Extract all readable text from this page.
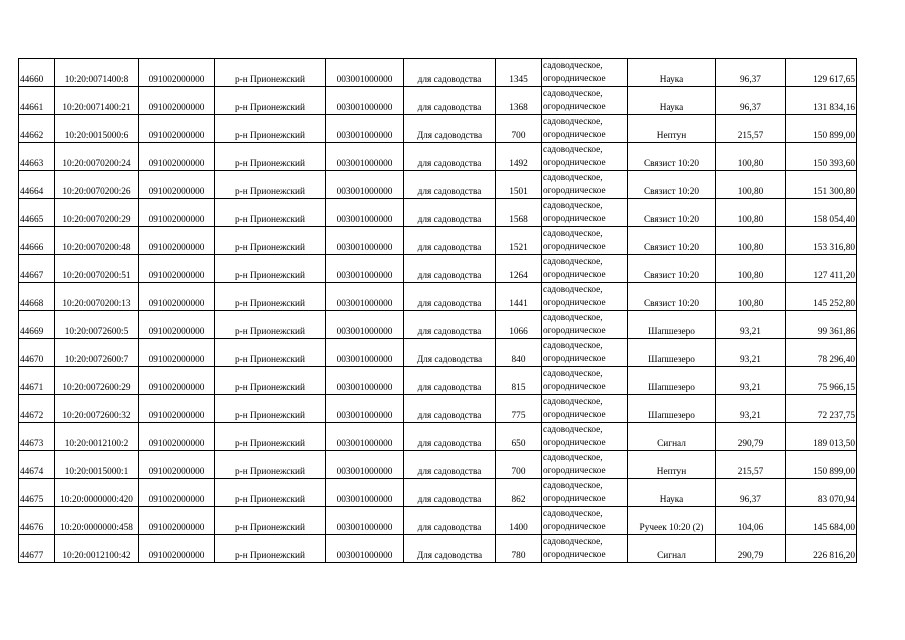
44660	10:20:0071400:8	091002000000	р-н Прионежский	003001000000	для садоводства	1345	садоводческое,
огородническое	Наука	96,37	129 617,65
44661	10:20:0071400:21	091002000000	р-н Прионежский	003001000000	для садоводства	1368	садоводческое,
огородническое	Наука	96,37	131 834,16
44662	10:20:0015000:6	091002000000	р-н Прионежский	003001000000	Для садоводства	700	садоводческое,
огородническое	Нептун	215,57	150 899,00
44663	10:20:0070200:24	091002000000	р-н Прионежский	003001000000	для садоводства	1492	садоводческое,
огородническое	Связист 10:20	100,80	150 393,60
44664	10:20:0070200:26	091002000000	р-н Прионежский	003001000000	для садоводства	1501	садоводческое,
огородническое	Связист 10:20	100,80	151 300,80
44665	10:20:0070200:29	091002000000	р-н Прионежский	003001000000	для садоводства	1568	садоводческое,
огородническое	Связист 10:20	100,80	158 054,40
44666	10:20:0070200:48	091002000000	р-н Прионежский	003001000000	для садоводства	1521	садоводческое,
огородническое	Связист 10:20	100,80	153 316,80
44667	10:20:0070200:51	091002000000	р-н Прионежский	003001000000	для садоводства	1264	садоводческое,
огородническое	Связист 10:20	100,80	127 411,20
44668	10:20:0070200:13	091002000000	р-н Прионежский	003001000000	для садоводства	1441	садоводческое,
огородническое	Связист 10:20	100,80	145 252,80
44669	10:20:0072600:5	091002000000	р-н Прионежский	003001000000	для садоводства	1066	садоводческое,
огородническое	Шапшезеро	93,21	99 361,86
44670	10:20:0072600:7	091002000000	р-н Прионежский	003001000000	Для садоводства	840	садоводческое,
огородническое	Шапшезеро	93,21	78 296,40
44671	10:20:0072600:29	091002000000	р-н Прионежский	003001000000	для садоводства	815	садоводческое,
огородническое	Шапшезеро	93,21	75 966,15
44672	10:20:0072600:32	091002000000	р-н Прионежский	003001000000	для садоводства	775	садоводческое,
огородническое	Шапшезеро	93,21	72 237,75
44673	10:20:0012100:2	091002000000	р-н Прионежский	003001000000	для садоводства	650	садоводческое,
огородническое	Сигнал	290,79	189 013,50
44674	10:20:0015000:1	091002000000	р-н Прионежский	003001000000	для садоводства	700	садоводческое,
огородническое	Нептун	215,57	150 899,00
44675	10:20:0000000:420	091002000000	р-н Прионежский	003001000000	для садоводства	862	садоводческое,
огородническое	Наука	96,37	83 070,94
44676	10:20:0000000:458	091002000000	р-н Прионежский	003001000000	для садоводства	1400	садоводческое,
огородническое	Ручеек 10:20 (2)	104,06	145 684,00
44677	10:20:0012100:42	091002000000	р-н Прионежский	003001000000	Для садоводства	780	садоводческое,
огородническое	Сигнал	290,79	226 816,20
